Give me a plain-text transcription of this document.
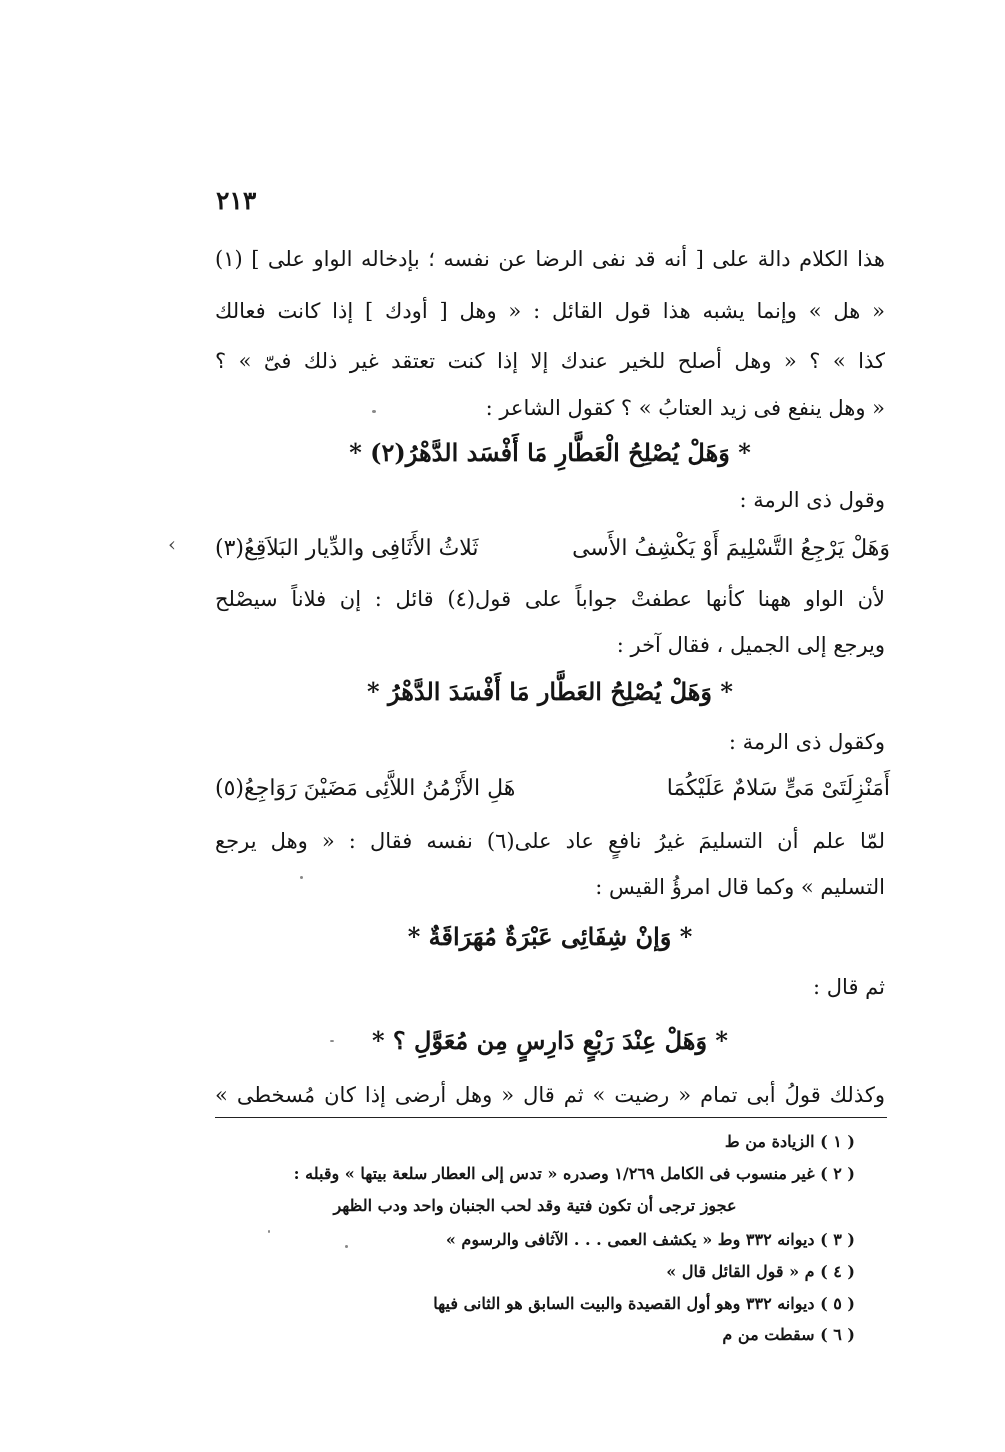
٢١٣
هذا الكلام دالة على [ أنه قد نفى الرضا عن نفسه ؛ بإدخاله الواو على ] (١)
« هل » وإنما يشبه هذا قول القائل : « وهل [ أودك ] إذا كانت فعالك
كذا » ؟ « وهل أصلح للخير عندك إلا إذا كنت تعتقد غير ذلك فىّ » ؟
« وهل ينفع فى زيد العتابُ » ؟ كقول الشاعر :
* وَهَلْ يُصْلِحُ الْعَطَّارِ مَا أَفْسَد الدَّهْرُ(٢) *
وقول ذى الرمة :
وَهَلْ يَرْجِعُ التَّسْلِيمَ أَوْ يَكْشِفُ الأَسى
ثَلاثُ الأَثَافِى والدِّيار البَلاَقِعُ(٣)
لأن الواو ههنا كأنها عطفتْ جواباً على قول(٤) قائل : إن فلاناً سيصْلح
ويرجع إلى الجميل ، فقال آخر :
* وَهَلْ يُصْلِحُ العَطَّار مَا أَفْسَدَ الدَّهْرُ *
وكقول ذى الرمة :
أَمَنْزِلَتَىْ مَىٍّ سَلامٌ عَلَيْكُمَا
هَلِ الأَزْمُنُ اللاَّئِى مَضَيْنَ رَوَاجِعُ(٥)
لمّا علم أن التسليمَ غيرُ نافعٍ عاد على(٦) نفسه فقال : « وهل يرجع
التسليم » وكما قال امرؤُ القيس :
* وَإنْ شِفَائِى عَبْرَةٌ مُهَرَاقَةٌ *
ثم قال :
* وَهَلْ عِنْدَ رَبْعٍ دَارِسٍ مِن مُعَوَّلِ ؟ *
وكذلك قولُ أبى تمام « رضيت » ثم قال « وهل أرضى إذا كان مُسخطى »
( ١ ) الزيادة من ط
( ٢ ) غير منسوب فى الكامل ١/٢٦٩ وصدره « تدس إلى العطار سلعة بيتها » وقبله :
عجوز ترجى أن تكون فتية وقد لحب الجنبان واحد ودب الظهر
( ٣ ) ديوانه ٣٣٢ وط « يكشف العمى . . . الآثافى والرسوم »
( ٤ ) م « قول القائل قال »
( ٥ ) ديوانه ٣٣٢ وهو أول القصيدة والبيت السابق هو الثانى فيها
( ٦ ) سقطت من م
‹
